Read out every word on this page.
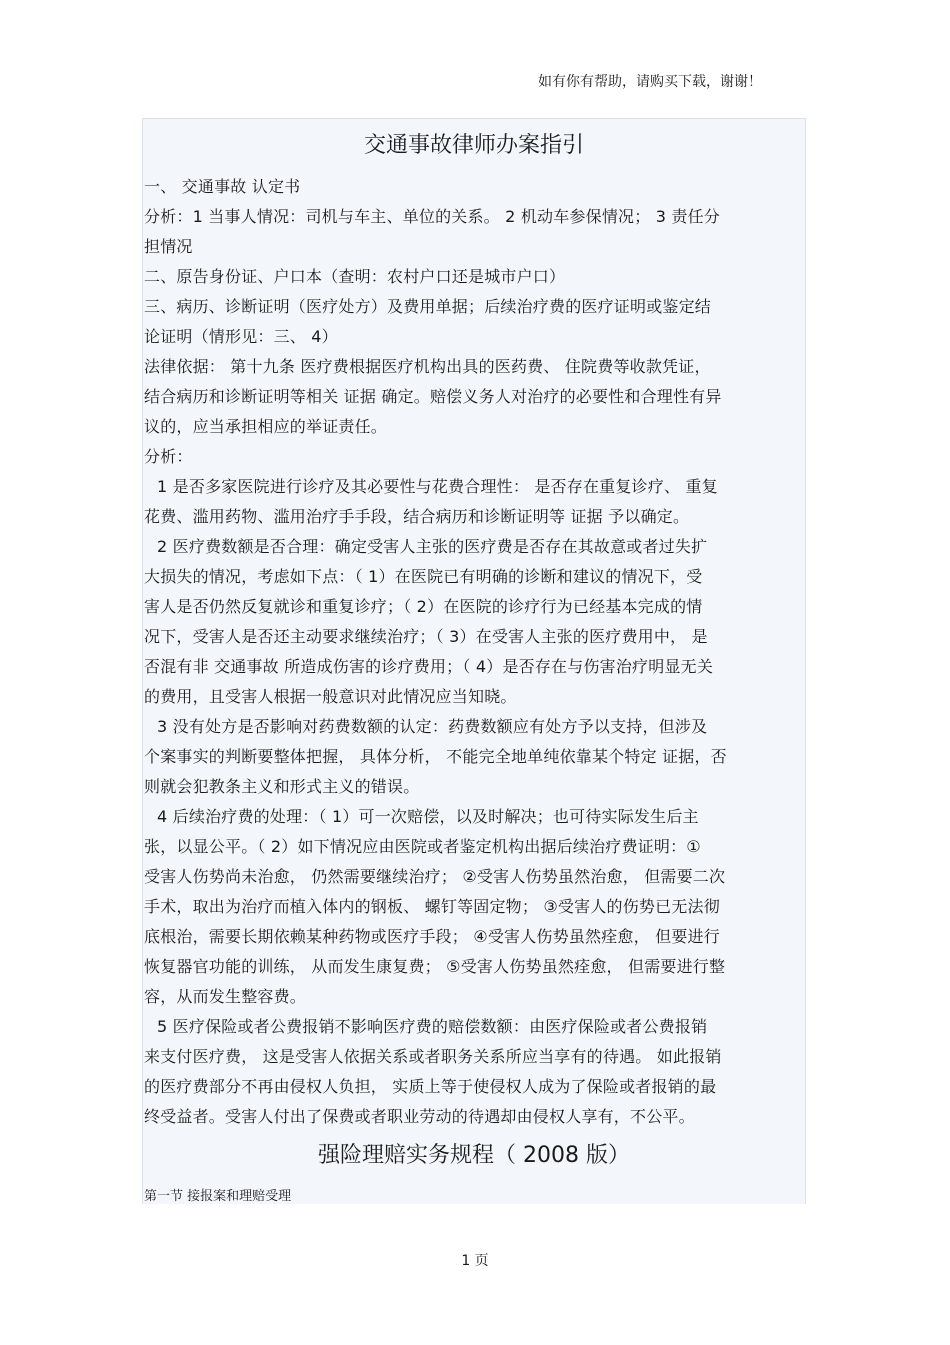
如有你有帮助，请购买下载，谢谢！
交通事故律师办案指引
一、 交通事故 认定书
分析：1 当事人情况：司机与车主、单位的关系。 2 机动车参保情况； 3 责任分
担情况
二、原告身份证、户口本（查明：农村户口还是城市户口）
三、病历、诊断证明（医疗处方）及费用单据；后续治疗费的医疗证明或鉴定结
论证明（情形见：三、 4）
法律依据： 第十九条 医疗费根据医疗机构出具的医药费、 住院费等收款凭证，
结合病历和诊断证明等相关 证据 确定。赔偿义务人对治疗的必要性和合理性有异
议的，应当承担相应的举证责任。
分析：
1 是否多家医院进行诊疗及其必要性与花费合理性： 是否存在重复诊疗、 重复
花费、滥用药物、滥用治疗手手段，结合病历和诊断证明等 证据 予以确定。
2 医疗费数额是否合理：确定受害人主张的医疗费是否存在其故意或者过失扩
大损失的情况，考虑如下点：（ 1）在医院已有明确的诊断和建议的情况下，受
害人是否仍然反复就诊和重复诊疗；（ 2）在医院的诊疗行为已经基本完成的情
况下，受害人是否还主动要求继续治疗；（ 3）在受害人主张的医疗费用中， 是
否混有非 交通事故 所造成伤害的诊疗费用；（ 4）是否存在与伤害治疗明显无关
的费用，且受害人根据一般意识对此情况应当知晓。
3 没有处方是否影响对药费数额的认定：药费数额应有处方予以支持，但涉及
个案事实的判断要整体把握， 具体分析， 不能完全地单纯依靠某个特定 证据，否
则就会犯教条主义和形式主义的错误。
4 后续治疗费的处理：（ 1）可一次赔偿，以及时解决；也可待实际发生后主
张，以显公平。（ 2）如下情况应由医院或者鉴定机构出据后续治疗费证明：①
受害人伤势尚未治愈， 仍然需要继续治疗； ②受害人伤势虽然治愈， 但需要二次
手术，取出为治疗而植入体内的钢板、 螺钉等固定物； ③受害人的伤势已无法彻
底根治，需要长期依赖某种药物或医疗手段； ④受害人伤势虽然痊愈， 但要进行
恢复器官功能的训练， 从而发生康复费； ⑤受害人伤势虽然痊愈， 但需要进行整
容，从而发生整容费。
5 医疗保险或者公费报销不影响医疗费的赔偿数额：由医疗保险或者公费报销
来支付医疗费， 这是受害人依据关系或者职务关系所应当享有的待遇。 如此报销
的医疗费部分不再由侵权人负担， 实质上等于使侵权人成为了保险或者报销的最
终受益者。受害人付出了保费或者职业劳动的待遇却由侵权人享有，不公平。
强险理赔实务规程（ 2008 版）
第一节 接报案和理赔受理
1 页
